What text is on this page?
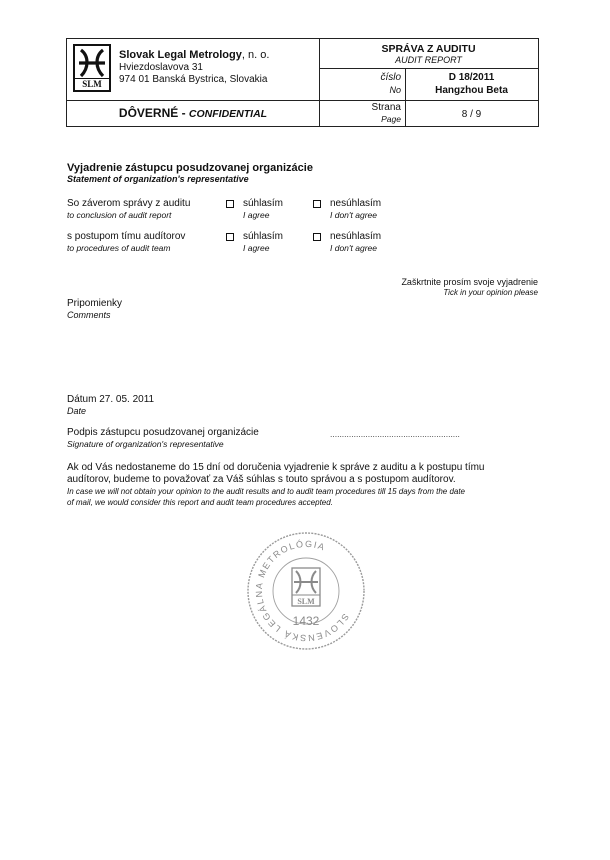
SLM
Slovak Legal Metrology, n. o.
Hviezdoslavova 31
974 01 Banská Bystrica, Slovakia
DÔVERNÉ - CONFIDENTIAL
SPRÁVA Z AUDITU
AUDIT REPORT
číslo
No
D 18/2011
Hangzhou Beta
Strana
Page	8 / 9
Vyjadrenie zástupcu posudzovanej organizácie
Statement of organization's representative
So záverom správy z auditu
to conclusion of audit report
súhlasím
I agree
nesúhlasím
I don't agree
s postupom tímu audítorov
to procedures of audit team
súhlasím
I agree
nesúhlasím
I don't agree
Zaškrtnite prosím svoje vyjadrenie
Tick in your opinion please
Pripomienky
Comments
Dátum 27. 05. 2011
Date
Podpis zástupcu posudzovanej organizácie
Signature of organization's representative
.......................................................
Ak od Vás nedostaneme do 15 dní od doručenia vyjadrenie k správe z auditu a k postupu tímu
audítorov, budeme to považovať za Váš súhlas s touto správou a s postupom audítorov.
In case we will not obtain your opinion to the audit results and to audit team procedures till 15 days from the date
of mail, we would consider this report and audit team procedures accepted.
SLOVENSKÁ LEGÁLNA METROLÓGIA
SLM
1432
